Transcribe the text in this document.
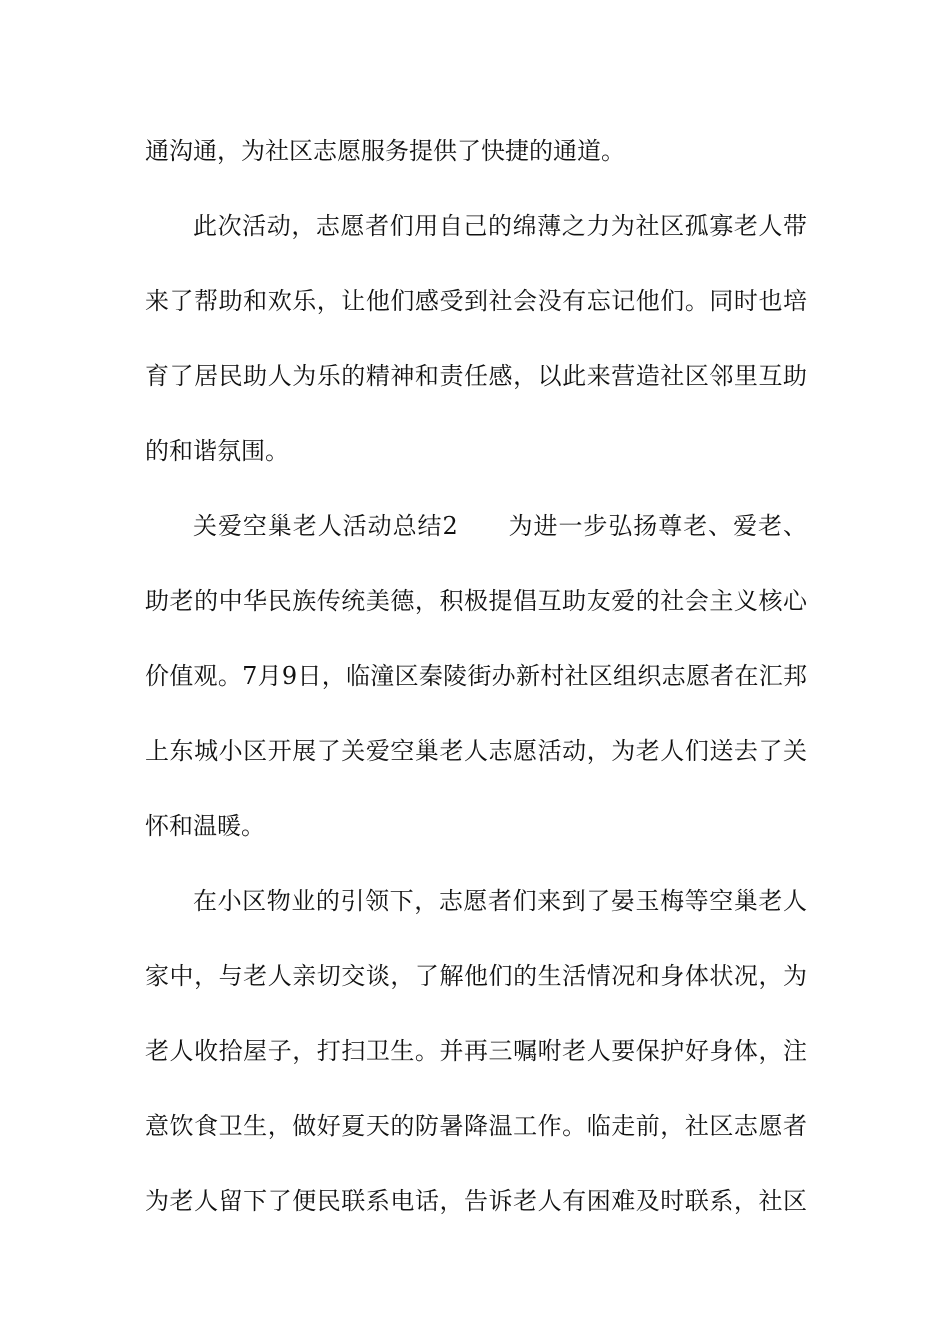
通沟通，为社区志愿服务提供了快捷的通道。
此次活动，志愿者们用自己的绵薄之力为社区孤寡老人带
来了帮助和欢乐，让他们感受到社会没有忘记他们。同时也培
育了居民助人为乐的精神和责任感，以此来营造社区邻里互助
的和谐氛围。
关爱空巢老人活动总结2　　为进一步弘扬尊老、爱老、
助老的中华民族传统美德，积极提倡互助友爱的社会主义核心
价值观。7月9日，临潼区秦陵街办新村社区组织志愿者在汇邦
上东城小区开展了关爱空巢老人志愿活动，为老人们送去了关
怀和温暖。
在小区物业的引领下，志愿者们来到了晏玉梅等空巢老人
家中，与老人亲切交谈，了解他们的生活情况和身体状况，为
老人收拾屋子，打扫卫生。并再三嘱咐老人要保护好身体，注
意饮食卫生，做好夏天的防暑降温工作。临走前，社区志愿者
为老人留下了便民联系电话，告诉老人有困难及时联系，社区
